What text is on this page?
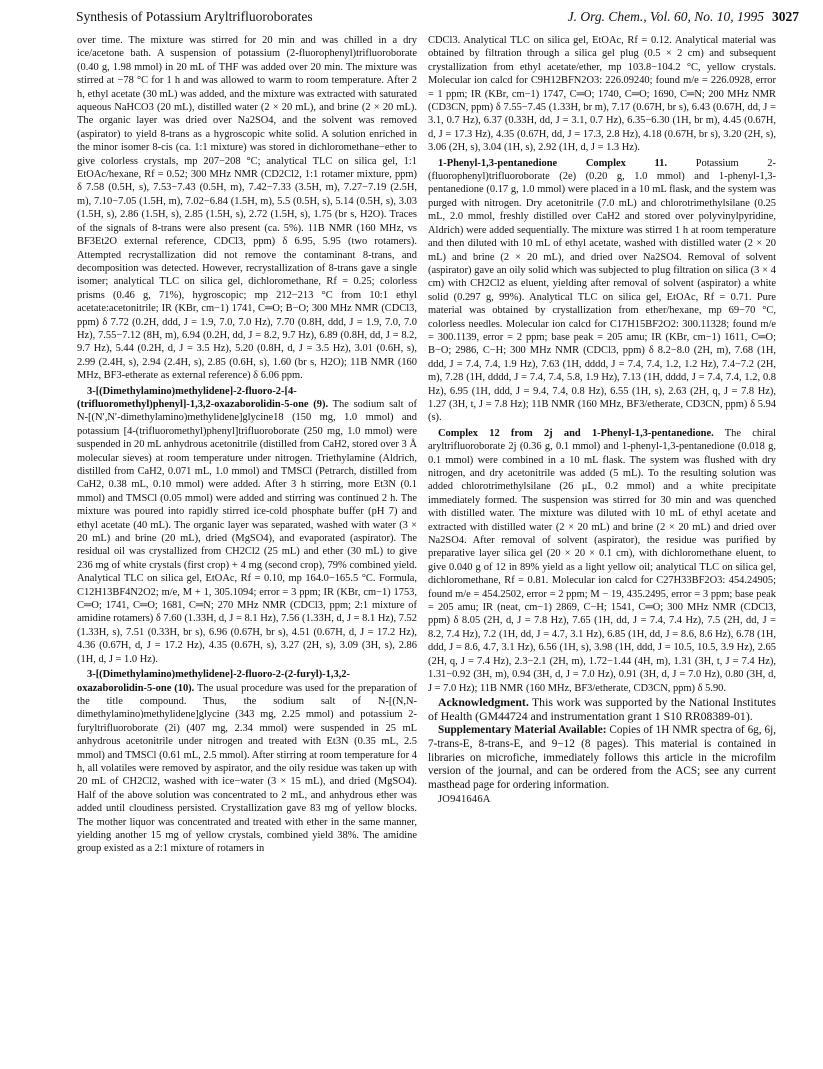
Synthesis of Potassium Aryltrifluoroborates	J. Org. Chem., Vol. 60, No. 10, 1995 3027

over time. The mixture was stirred for 20 min and was chilled in a dry ice/acetone bath. A suspension of potassium (2-fluorophenyl)trifluoroborate (0.40 g, 1.98 mmol) in 20 mL of THF was added over 20 min. The mixture was stirred at −78 °C for 1 h and was allowed to warm to room temperature. After 2 h, ethyl acetate (30 mL) was added, and the mixture was extracted with saturated aqueous NaHCO3 (20 mL), distilled water (2 × 20 mL), and brine (2 × 20 mL). The organic layer was dried over Na2SO4, and the solvent was removed (aspirator) to yield 8-trans as a hygroscopic white solid. A solution enriched in the minor isomer 8-cis (ca. 1:1 mixture) was stored in dichloromethane−ether to give colorless crystals, mp 207−208 °C; analytical TLC on silica gel, 1:1 EtOAc/hexane, Rf = 0.52; 300 MHz NMR (CD2Cl2, 1:1 rotamer mixture, ppm) δ 7.58 (0.5H, s), 7.53−7.43 (0.5H, m), 7.42−7.33 (3.5H, m), 7.27−7.19 (2.5H, m), 7.10−7.05 (1.5H, m), 7.02−6.84 (1.5H, m), 5.5 (0.5H, s), 5.14 (0.5H, s), 3.03 (1.5H, s), 2.86 (1.5H, s), 2.85 (1.5H, s), 2.72 (1.5H, s), 1.75 (br s, H2O). Traces of the signals of 8-trans were also present (ca. 5%). 11B NMR (160 MHz, vs BF3Et2O external reference, CDCl3, ppm) δ 6.95, 5.95 (two rotamers). Attempted recrystallization did not remove the contaminant 8-trans, and decomposition was detected. However, recrystallization of 8-trans gave a single isomer; analytical TLC on silica gel, dichloromethane, Rf = 0.25; colorless prisms (0.46 g, 71%), hygroscopic; mp 212−213 °C from 10:1 ethyl acetate:acetonitrile; IR (KBr, cm−1) 1741, C═O; B−O; 300 MHz NMR (CDCl3, ppm) δ 7.72 (0.2H, ddd, J = 1.9, 7.0, 7.0 Hz), 7.70 (0.8H, ddd, J = 1.9, 7.0, 7.0 Hz), 7.55−7.12 (8H, m), 6.94 (0.2H, dd, J = 8.2, 9.7 Hz), 6.89 (0.8H, dd, J = 8.2, 9.7 Hz), 5.44 (0.2H, d, J = 3.5 Hz), 5.20 (0.8H, d, J = 3.5 Hz), 3.01 (0.6H, s), 2.99 (2.4H, s), 2.94 (2.4H, s), 2.85 (0.6H, s), 1.60 (br s, H2O); 11B NMR (160 MHz, BF3-etherate as external reference) δ 6.06 ppm.

3-[(Dimethylamino)methylidene]-2-fluoro-2-[4-(trifluoromethyl)phenyl]-1,3,2-oxazaborolidin-5-one (9). The sodium salt of N-[(N′,N′-dimethylamino)methylidene]glycine18 (150 mg, 1.0 mmol) and potassium [4-(trifluoromethyl)phenyl]trifluoroborate (250 mg, 1.0 mmol) were suspended in 20 mL anhydrous acetonitrile (distilled from CaH2, stored over 3 Å molecular sieves) at room temperature under nitrogen. Triethylamine (Aldrich, distilled from CaH2, 0.071 mL, 1.0 mmol) and TMSCl (Petrarch, distilled from CaH2, 0.38 mL, 0.10 mmol) were added. After 3 h stirring, more Et3N (0.1 mmol) and TMSCl (0.05 mmol) were added and stirring was continued 2 h. The mixture was poured into rapidly stirred ice-cold phosphate buffer (pH 7) and ethyl acetate (40 mL). The organic layer was separated, washed with water (3 × 20 mL) and brine (20 mL), dried (MgSO4), and evaporated (aspirator). The residual oil was crystallized from CH2Cl2 (25 mL) and ether (30 mL) to give 236 mg of white crystals (first crop) + 4 mg (second crop), 79% combined yield. Analytical TLC on silica gel, EtOAc, Rf = 0.10, mp 164.0−165.5 °C. Formula, C12H13BF4N2O2; m/e, M + 1, 305.1094; error = 3 ppm; IR (KBr, cm−1) 1753, C═O; 1741, C═O; 1681, C═N; 270 MHz NMR (CDCl3, ppm; 2:1 mixture of amidine rotamers) δ 7.60 (1.33H, d, J = 8.1 Hz), 7.56 (1.33H, d, J = 8.1 Hz), 7.52 (1.33H, s), 7.51 (0.33H, br s), 6.96 (0.67H, br s), 4.51 (0.67H, d, J = 17.2 Hz), 4.36 (0.67H, d, J = 17.2 Hz), 4.35 (0.67H, s), 3.27 (2H, s), 3.09 (3H, s), 2.86 (1H, d, J = 1.0 Hz).

3-[(Dimethylamino)methylidene]-2-fluoro-2-(2-furyl)-1,3,2-oxazaborolidin-5-one (10). The usual procedure was used for the preparation of the title compound. Thus, the sodium salt of N-[(N,N-dimethylamino)methylidene]glycine (343 mg, 2.25 mmol) and potassium 2-furyltrifluoroborate (2i) (407 mg, 2.34 mmol) were suspended in 25 mL anhydrous acetonitrile under nitrogen and treated with Et3N (0.35 mL, 2.5 mmol) and TMSCl (0.61 mL, 2.5 mmol). After stirring at room temperature for 4 h, all volatiles were removed by aspirator, and the oily residue was taken up with 20 mL of CH2Cl2, washed with ice−water (3 × 15 mL), and dried (MgSO4). Half of the above solution was concentrated to 2 mL, and anhydrous ether was added until cloudiness persisted. Crystallization gave 83 mg of yellow blocks. The mother liquor was concentrated and treated with ether in the same manner, yielding another 15 mg of yellow crystals, combined yield 38%. The amidine group existed as a 2:1 mixture of rotamers in

CDCl3. Analytical TLC on silica gel, EtOAc, Rf = 0.12. Analytical material was obtained by filtration through a silica gel plug (0.5 × 2 cm) and subsequent crystallization from ethyl acetate/ether, mp 103.8−104.2 °C, yellow crystals. Molecular ion calcd for C9H12BFN2O3: 226.09240; found m/e = 226.0928, error = 1 ppm; IR (KBr, cm−1) 1747, C═O; 1740, C═O; 1690, C═N; 200 MHz NMR (CD3CN, ppm) δ 7.55−7.45 (1.33H, br m), 7.17 (0.67H, br s), 6.43 (0.67H, dd, J = 3.1, 0.7 Hz), 6.37 (0.33H, dd, J = 3.1, 0.7 Hz), 6.35−6.30 (1H, br m), 4.45 (0.67H, d, J = 17.3 Hz), 4.35 (0.67H, dd, J = 17.3, 2.8 Hz), 4.18 (0.67H, br s), 3.20 (2H, s), 3.06 (2H, s), 3.04 (1H, s), 2.92 (1H, d, J = 1.3 Hz).

1-Phenyl-1,3-pentanedione Complex 11. Potassium 2-(fluorophenyl)trifluoroborate (2e) (0.20 g, 1.0 mmol) and 1-phenyl-1,3-pentanedione (0.17 g, 1.0 mmol) were placed in a 10 mL flask, and the system was purged with nitrogen. Dry acetonitrile (7.0 mL) and chlorotrimethylsilane (0.25 mL, 2.0 mmol, freshly distilled over CaH2 and stored over polyvinylpyridine, Aldrich) were added sequentially. The mixture was stirred 1 h at room temperature and then diluted with 10 mL of ethyl acetate, washed with distilled water (2 × 20 mL) and brine (2 × 20 mL), and dried over Na2SO4. Removal of solvent (aspirator) gave an oily solid which was subjected to plug filtration on silica (3 × 4 cm) with CH2Cl2 as eluent, yielding after removal of solvent (aspirator) a white solid (0.297 g, 99%). Analytical TLC on silica gel, EtOAc, Rf = 0.71. Pure material was obtained by crystallization from ether/hexane, mp 69−70 °C, colorless needles. Molecular ion calcd for C17H15BF2O2: 300.11328; found m/e = 300.1139, error = 2 ppm; base peak = 205 amu; IR (KBr, cm−1) 1611, C═O; B−O; 2986, C−H; 300 MHz NMR (CDCl3, ppm) δ 8.2−8.0 (2H, m), 7.68 (1H, ddd, J = 7.4, 7.4, 1.9 Hz), 7.63 (1H, dddd, J = 7.4, 7.4, 1.2, 1.2 Hz), 7.4−7.2 (2H, m), 7.28 (1H, dddd, J = 7.4, 7.4, 5.8, 1.9 Hz), 7.13 (1H, dddd, J = 7.4, 7.4, 1.2, 0.8 Hz), 6.95 (1H, ddd, J = 9.4, 7.4, 0.8 Hz), 6.55 (1H, s), 2.63 (2H, q, J = 7.8 Hz), 1.27 (3H, t, J = 7.8 Hz); 11B NMR (160 MHz, BF3/etherate, CD3CN, ppm) δ 5.94 (s).

Complex 12 from 2j and 1-Phenyl-1,3-pentanedione. The chiral aryltrifluoroborate 2j (0.36 g, 0.1 mmol) and 1-phenyl-1,3-pentanedione (0.018 g, 0.1 mmol) were combined in a 10 mL flask. The system was flushed with dry nitrogen, and dry acetonitrile was added (5 mL). To the resulting solution was added chlorotrimethylsilane (26 μL, 0.2 mmol) and a white precipitate immediately formed. The suspension was stirred for 30 min and was quenched with distilled water. The mixture was diluted with 10 mL of ethyl acetate and extracted with distilled water (2 × 20 mL) and brine (2 × 20 mL) and dried over Na2SO4. After removal of solvent (aspirator), the residue was purified by preparative layer silica gel (20 × 20 × 0.1 cm), with dichloromethane eluent, to give 0.040 g of 12 in 89% yield as a light yellow oil; analytical TLC on silica gel, dichloromethane, Rf = 0.81. Molecular ion calcd for C27H33BF2O3: 454.24905; found m/e = 454.2502, error = 2 ppm; M − 19, 435.2495, error = 3 ppm; base peak = 205 amu; IR (neat, cm−1) 2869, C−H; 1541, C═O; 300 MHz NMR (CDCl3, ppm) δ 8.05 (2H, d, J = 7.8 Hz), 7.65 (1H, dd, J = 7.4, 7.4 Hz), 7.5 (2H, dd, J = 8.2, 7.4 Hz), 7.2 (1H, dd, J = 4.7, 3.1 Hz), 6.85 (1H, dd, J = 8.6, 8.6 Hz), 6.78 (1H, ddd, J = 8.6, 4.7, 3.1 Hz), 6.56 (1H, s), 3.98 (1H, ddd, J = 10.5, 10.5, 3.9 Hz), 2.65 (2H, q, J = 7.4 Hz), 2.3−2.1 (2H, m), 1.72−1.44 (4H, m), 1.31 (3H, t, J = 7.4 Hz), 1.31−0.92 (3H, m), 0.94 (3H, d, J = 7.0 Hz), 0.91 (3H, d, J = 7.0 Hz), 0.80 (3H, d, J = 7.0 Hz); 11B NMR (160 MHz, BF3/etherate, CD3CN, ppm) δ 5.90.

Acknowledgment. This work was supported by the National Institutes of Health (GM44724 and instrumentation grant 1 S10 RR08389-01).

Supplementary Material Available: Copies of 1H NMR spectra of 6g, 6j, 7-trans-E, 8-trans-E, and 9−12 (8 pages). This material is contained in libraries on microfiche, immediately follows this article in the microfilm version of the journal, and can be ordered from the ACS; see any current masthead page for ordering information.

JO941646A
